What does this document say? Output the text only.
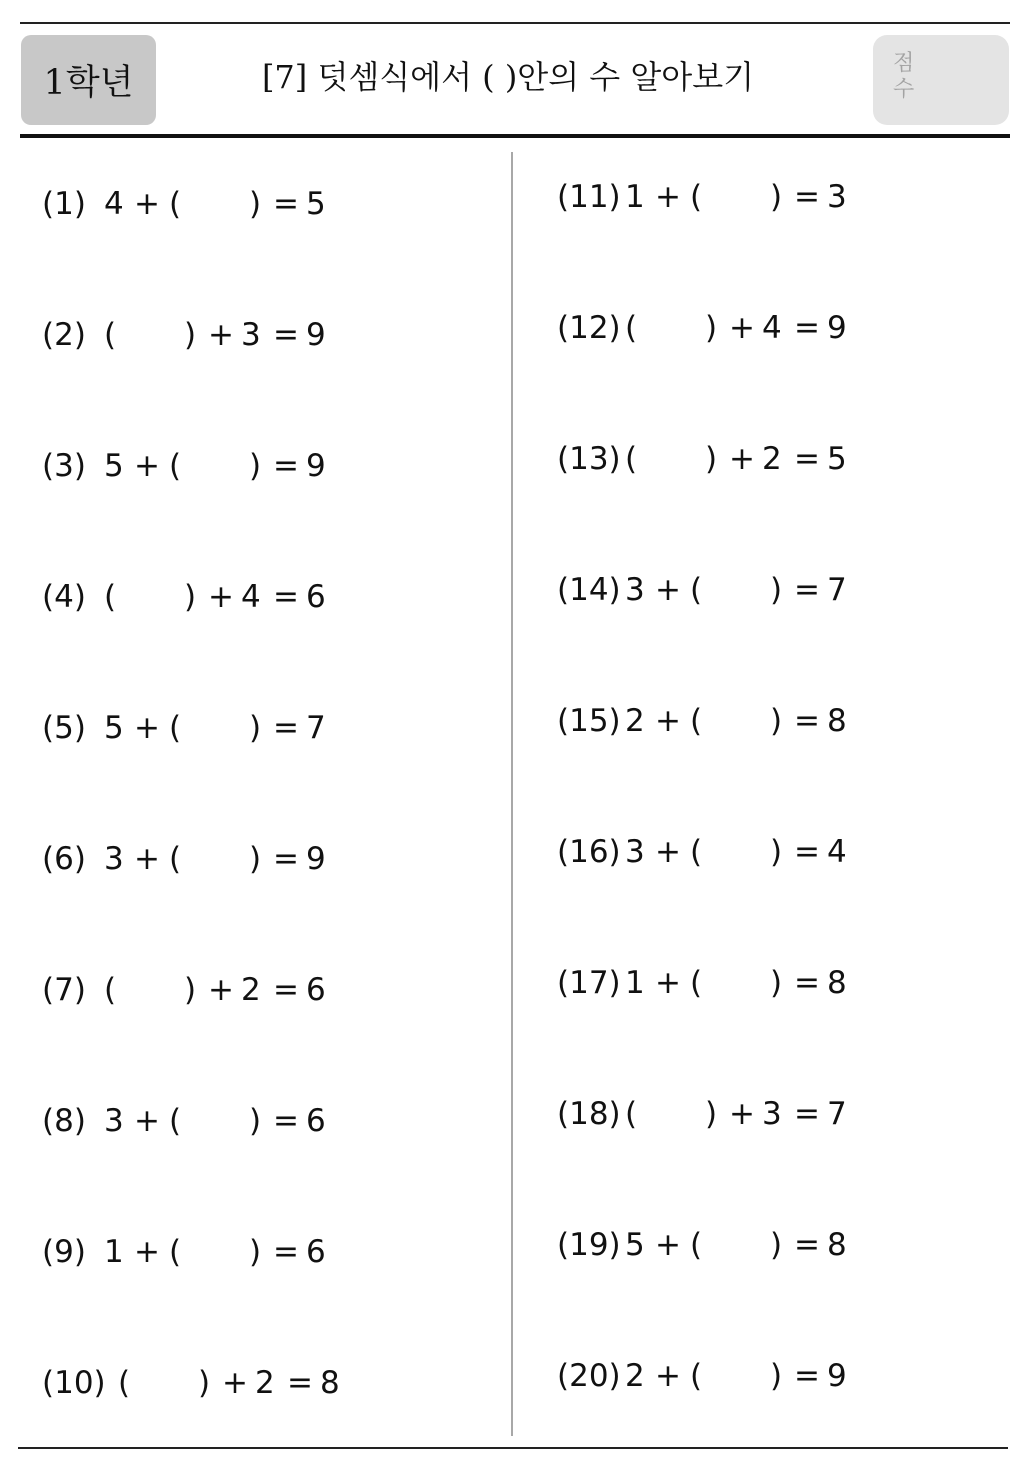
1학년	[7] 덧셈식에서 ( )안의 수 알아보기	점수
(1) 4 + ( ) = 5
(2) ( ) + 3 = 9
(3) 5 + ( ) = 9
(4) ( ) + 4 = 6
(5) 5 + ( ) = 7
(6) 3 + ( ) = 9
(7) ( ) + 2 = 6
(8) 3 + ( ) = 6
(9) 1 + ( ) = 6
(10) ( ) + 2 = 8
(11) 1 + ( ) = 3
(12) ( ) + 4 = 9
(13) ( ) + 2 = 5
(14) 3 + ( ) = 7
(15) 2 + ( ) = 8
(16) 3 + ( ) = 4
(17) 1 + ( ) = 8
(18) ( ) + 3 = 7
(19) 5 + ( ) = 8
(20) 2 + ( ) = 9
